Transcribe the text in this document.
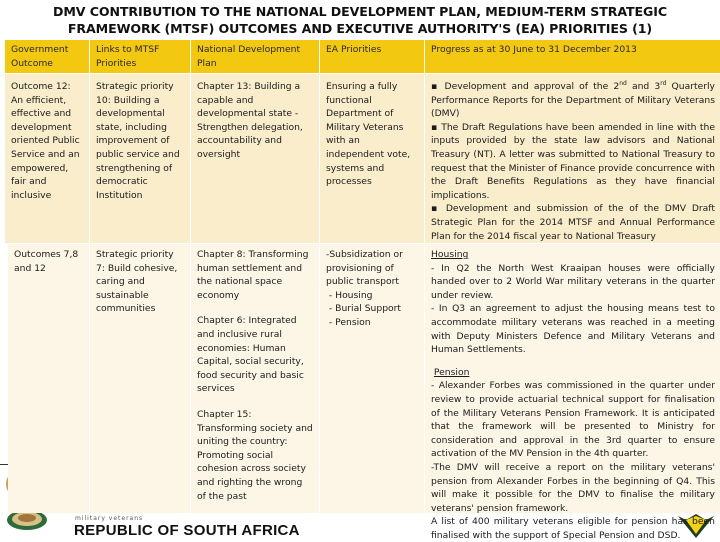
DMV CONTRIBUTION TO THE NATIONAL DEVELOPMENT PLAN, MEDIUM-TERM STRATEGIC
FRAMEWORK (MTSF) OUTCOMES AND EXECUTIVE AUTHORITY'S (EA) PRIORITIES (1)
military veterans
REPUBLIC OF SOUTH AFRICA
Government Outcome
Links to MTSF Priorities
National Development Plan
EA Priorities	Progress as at 30 June to 31 December 2013
Outcome 12: An efficient, effective and development oriented Public Service and an empowered, fair and inclusive
Strategic priority 10: Building a developmental state, including improvement of public service and strengthening of democratic Institution
Chapter 13: Building a capable and developmental state - Strengthen delegation, accountability and oversight
Ensuring a fully functional Department of Military Veterans with an independent vote, systems and processes

▪ Development and approval of the 2nd and 3rd Quarterly Performance Reports for the Department of Military Veterans (DMV)

▪ The Draft Regulations have been amended in line with the inputs provided by the state law advisors and National Treasury (NT). A letter was submitted to National Treasury to request that the Minister of Finance provide concurrence with the Draft Benefits Regulations as they have financial implications.

▪ Development and submission of the of the DMV Draft Strategic Plan for the 2014 MTSF and Annual Performance Plan for the 2014 fiscal year to National Treasury

Outcomes 7,8 and 12
Strategic priority 7: Build cohesive, caring and sustainable communities

Chapter 8: Transforming human settlement and the national space economy

Chapter 6: Integrated and inclusive rural economies: Human Capital, social security, food security and basic services

Chapter 15: Transforming society and uniting the country: Promoting social cohesion across society and righting the wrong of the past

-Subsidization or provisioning of public transport
- Housing
- Burial Support
- Pension

Housing

- In Q2 the North West Kraaipan houses were officially handed over to 2 World War military veterans in the quarter under review.

- In Q3 an agreement to adjust the housing means test to accommodate military veterans was reached in a meeting with Deputy Ministers Defence and Military Veterans and Human Settlements.

Pension

- Alexander Forbes was commissioned in the quarter under review to provide actuarial technical support for finalisation of the Military Veterans Pension Framework. It is anticipated that the framework will be presented to Ministry for consideration and approval in the 3rd quarter to ensure activation of the MV Pension in the 4th quarter.

-The DMV will receive a report on the military veterans' pension from Alexander Forbes in the beginning of Q4. This will make it possible for the DMV to finalise the military veterans' pension framework.

A list of 400 military veterans eligible for pension has been finalised with the support of Special Pension and DSD.
